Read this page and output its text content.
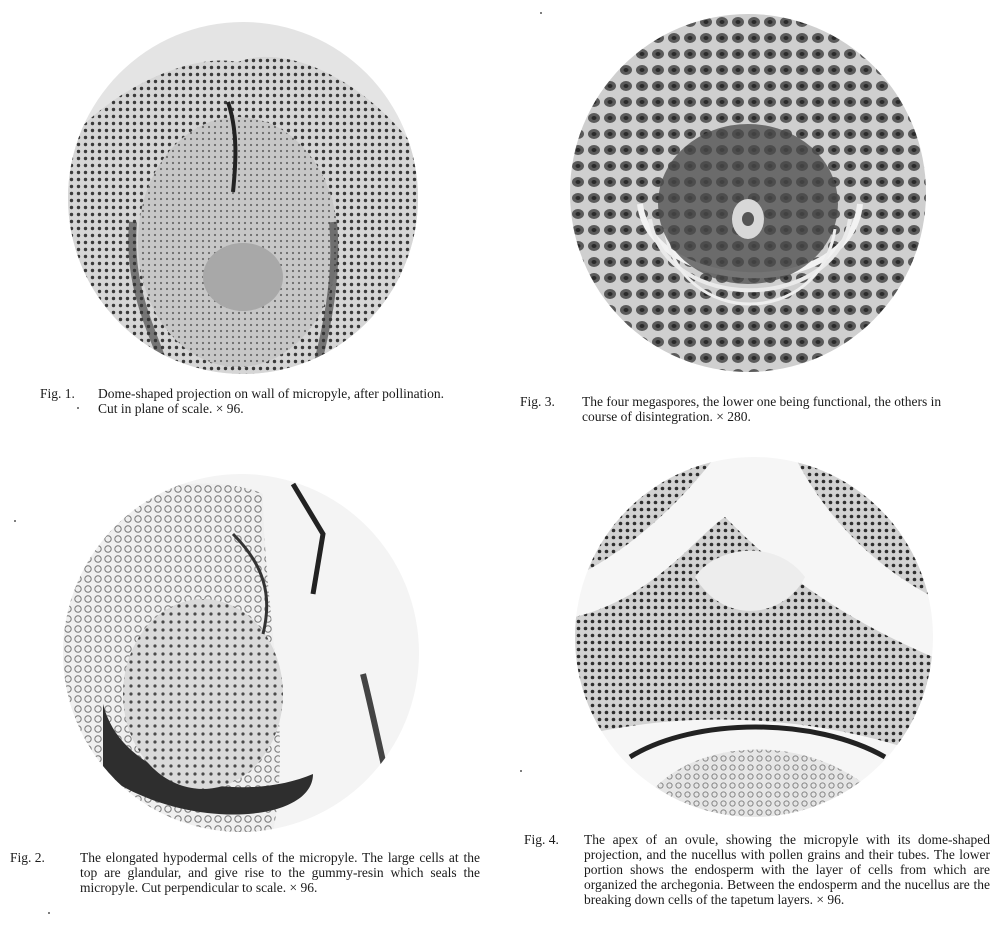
Fig. 1.	Dome-shaped projection on wall of micropyle, after pollination. Cut in plane of scale. × 96.	Fig. 3.	The four megaspores, the lower one being functional, the others in course of disintegration. × 280.
Fig. 2.	The elongated hypodermal cells of the micropyle. The large cells at the top are glandular, and give rise to the gummy-resin which seals the micropyle. Cut perpendicular to scale. × 96.
Fig. 4.	The apex of an ovule, showing the micropyle with its dome-shaped projection, and the nucellus with pollen grains and their tubes. The lower portion shows the endosperm with the layer of cells from which are organized the archegonia. Between the endosperm and the nucellus are the breaking down cells of the tapetum layers. × 96.
